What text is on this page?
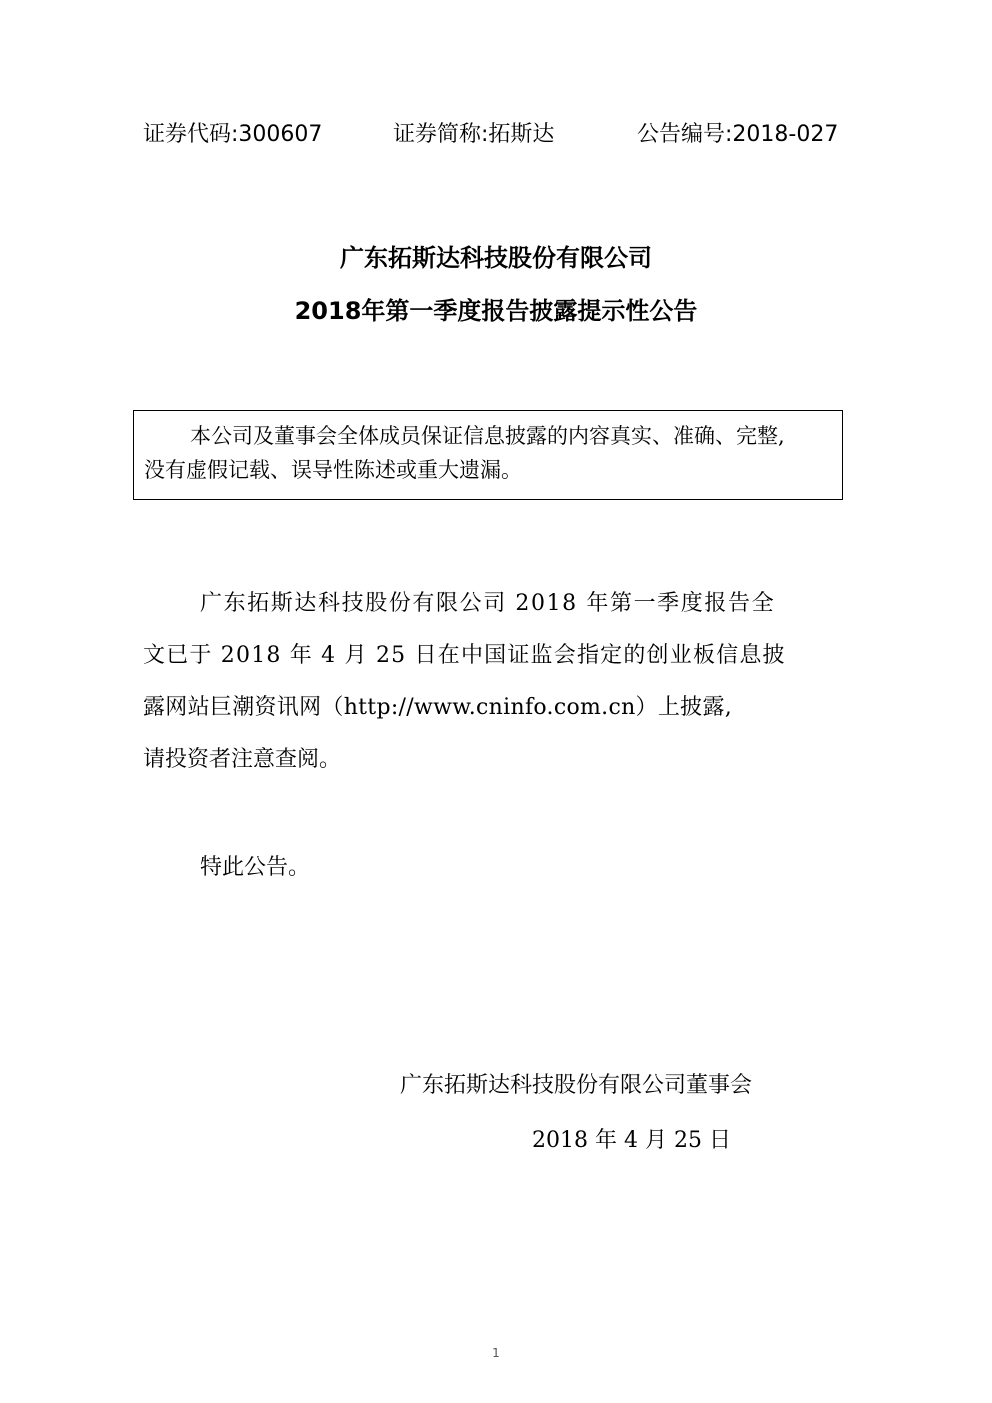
证券代码:300607	证券简称:拓斯达	公告编号:2018-027
广东拓斯达科技股份有限公司
2018年第一季度报告披露提示性公告
本公司及董事会全体成员保证信息披露的内容真实、准确、完整,
没有虚假记载、误导性陈述或重大遗漏。
广东拓斯达科技股份有限公司 2018 年第一季度报告全
文已于 2018 年 4 月 25 日在中国证监会指定的创业板信息披
露网站巨潮资讯网（http://www.cninfo.com.cn）上披露,
请投资者注意查阅。
特此公告。
广东拓斯达科技股份有限公司董事会
2018 年 4 月 25 日
1
